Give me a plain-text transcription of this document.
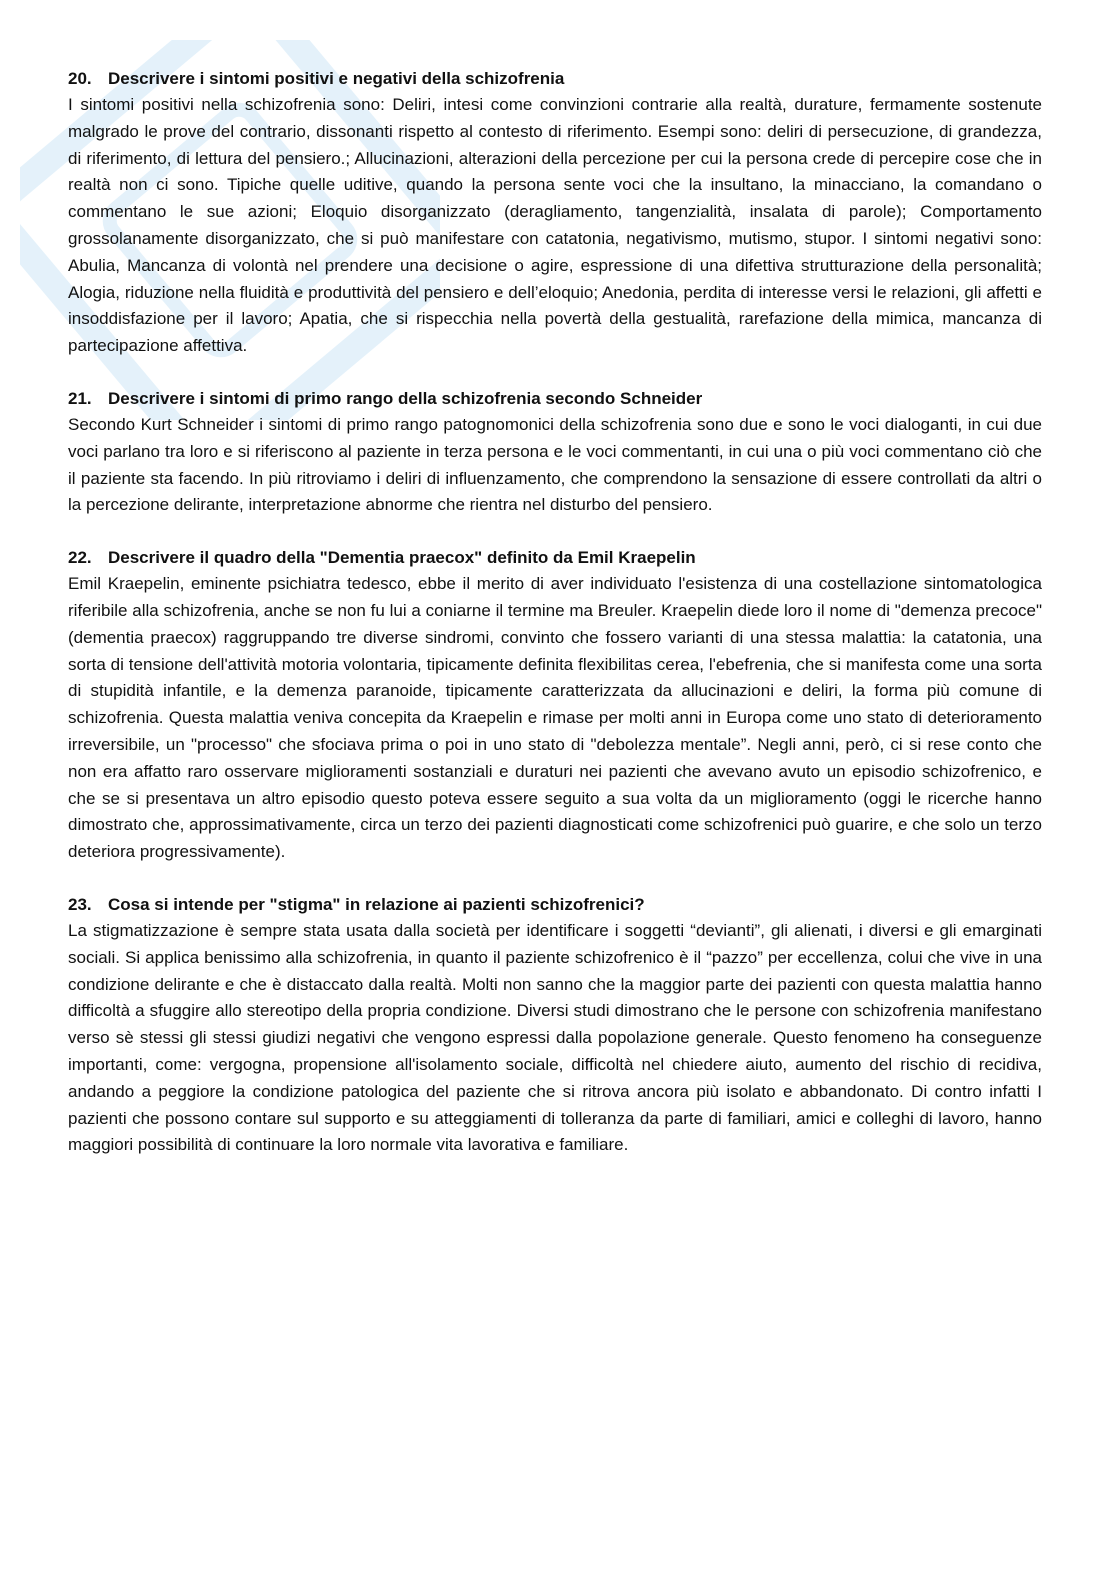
20. Descrivere i sintomi positivi e negativi della schizofrenia

I sintomi positivi nella schizofrenia sono: Deliri, intesi come convinzioni contrarie alla realtà, durature, fermamente sostenute malgrado le prove del contrario, dissonanti rispetto al contesto di riferimento. Esempi sono: deliri di persecuzione, di grandezza, di riferimento, di lettura del pensiero.; Allucinazioni, alterazioni della percezione per cui la persona crede di percepire cose che in realtà non ci sono. Tipiche quelle uditive, quando la persona sente voci che la insultano, la minacciano, la comandano o commentano le sue azioni; Eloquio disorganizzato (deragliamento, tangenzialità, insalata di parole); Comportamento grossolanamente disorganizzato, che si può manifestare con catatonia, negativismo, mutismo, stupor. I sintomi negativi sono: Abulia, Mancanza di volontà nel prendere una decisione o agire, espressione di una difettiva strutturazione della personalità; Alogia, riduzione nella fluidità e produttività del pensiero e dell’eloquio; Anedonia, perdita di interesse versi le relazioni, gli affetti e insoddisfazione per il lavoro; Apatia, che si rispecchia nella povertà della gestualità, rarefazione della mimica, mancanza di partecipazione affettiva.

21. Descrivere i sintomi di primo rango della schizofrenia secondo Schneider

Secondo Kurt Schneider i sintomi di primo rango patognomonici della schizofrenia sono due e sono le voci dialoganti, in cui due voci parlano tra loro e si riferiscono al paziente in terza persona e le voci commentanti, in cui una o più voci commentano ciò che il paziente sta facendo. In più ritroviamo i deliri di influenzamento, che comprendono la sensazione di essere controllati da altri o la percezione delirante, interpretazione abnorme che rientra nel disturbo del pensiero.

22. Descrivere il quadro della "Dementia praecox" definito da Emil Kraepelin

Emil Kraepelin, eminente psichiatra tedesco, ebbe il merito di aver individuato l'esistenza di una costellazione sintomatologica riferibile alla schizofrenia, anche se non fu lui a coniarne il termine ma Breuler. Kraepelin diede loro il nome di "demenza precoce" (dementia praecox) raggruppando tre diverse sindromi, convinto che fossero varianti di una stessa malattia: la catatonia, una sorta di tensione dell'attività motoria volontaria, tipicamente definita flexibilitas cerea, l'ebefrenia, che si manifesta come una sorta di stupidità infantile, e la demenza paranoide, tipicamente caratterizzata da allucinazioni e deliri, la forma più comune di schizofrenia. Questa malattia veniva concepita da Kraepelin e rimase per molti anni in Europa come uno stato di deterioramento irreversibile, un "processo" che sfociava prima o poi in uno stato di "debolezza mentale”. Negli anni, però, ci si rese conto che non era affatto raro osservare miglioramenti sostanziali e duraturi nei pazienti che avevano avuto un episodio schizofrenico, e che se si presentava un altro episodio questo poteva essere seguito a sua volta da un miglioramento (oggi le ricerche hanno dimostrato che, approssimativamente, circa un terzo dei pazienti diagnosticati come schizofrenici può guarire, e che solo un terzo deteriora progressivamente).

23. Cosa si intende per "stigma" in relazione ai pazienti schizofrenici?

La stigmatizzazione è sempre stata usata dalla società per identificare i soggetti “devianti”, gli alienati, i diversi e gli emarginati sociali. Si applica benissimo alla schizofrenia, in quanto il paziente schizofrenico è il “pazzo” per eccellenza, colui che vive in una condizione delirante e che è distaccato dalla realtà. Molti non sanno che la maggior parte dei pazienti con questa malattia hanno difficoltà a sfuggire allo stereotipo della propria condizione. Diversi studi dimostrano che le persone con schizofrenia manifestano verso sè stessi gli stessi giudizi negativi che vengono espressi dalla popolazione generale. Questo fenomeno ha conseguenze importanti, come: vergogna, propensione all'isolamento sociale, difficoltà nel chiedere aiuto, aumento del rischio di recidiva, andando a peggiore la condizione patologica del paziente che si ritrova ancora più isolato e abbandonato. Di contro infatti I pazienti che possono contare sul supporto e su atteggiamenti di tolleranza da parte di familiari, amici e colleghi di lavoro, hanno maggiori possibilità di continuare la loro normale vita lavorativa e familiare.
